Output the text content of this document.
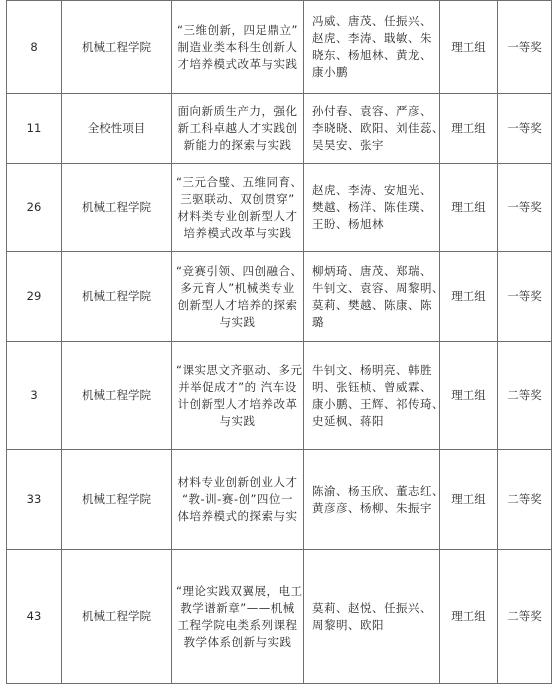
8	机械工程学院	“三维创新，四足鼎立”
制造业类本科生创新人
才培养模式改革与实践	冯威、唐茂、任振兴、
赵虎、李涛、戢敏、朱
晓东、杨旭林、黄龙、
康小鹏	理工组	一等奖
11	全校性项目	面向新质生产力，强化
新工科卓越人才实践创
新能力的探索与实践	孙付春、袁容、严彦、
李晓晓、欧阳、刘佳蕊、
吴昊安、张宇	理工组	一等奖
26	机械工程学院	“三元合璧、五维同育、
三驱联动、双创贯穿”
材料类专业创新型人才
培养模式改革与实践	赵虎、李涛、安旭光、
樊越、杨洋、陈佳璞、
王盼、杨旭林	理工组	一等奖
29	机械工程学院	“竞赛引领、四创融合、
多元育人”机械类专业
创新型人才培养的探索
与实践	柳炳琦、唐茂、郑瑞、
牛钊文、袁容、周黎明、
莫莉、樊越、陈康、陈
璐	理工组	一等奖
3	机械工程学院	“课实思文齐驱动、多元
并举促成才”的 汽车设
计创新型人才培养改革
与实践	牛钊文、杨明亮、韩胜
明、张钰桢、曾威霖、
康小鹏、王辉、祁传琦、
史延枫、蒋阳	理工组	二等奖
33	机械工程学院	材料专业创新创业人才
“教-训-赛-创”四位一
体培养模式的探索与实	陈渝、杨玉欣、董志红、
黄彦彦、杨柳、朱振宇	理工组	二等奖
43	机械工程学院	“理论实践双翼展，电工
教学谱新章”——机械
工程学院电类系列课程
教学体系创新与实践	莫莉、赵悦、任振兴、
周黎明、欧阳	理工组	二等奖
